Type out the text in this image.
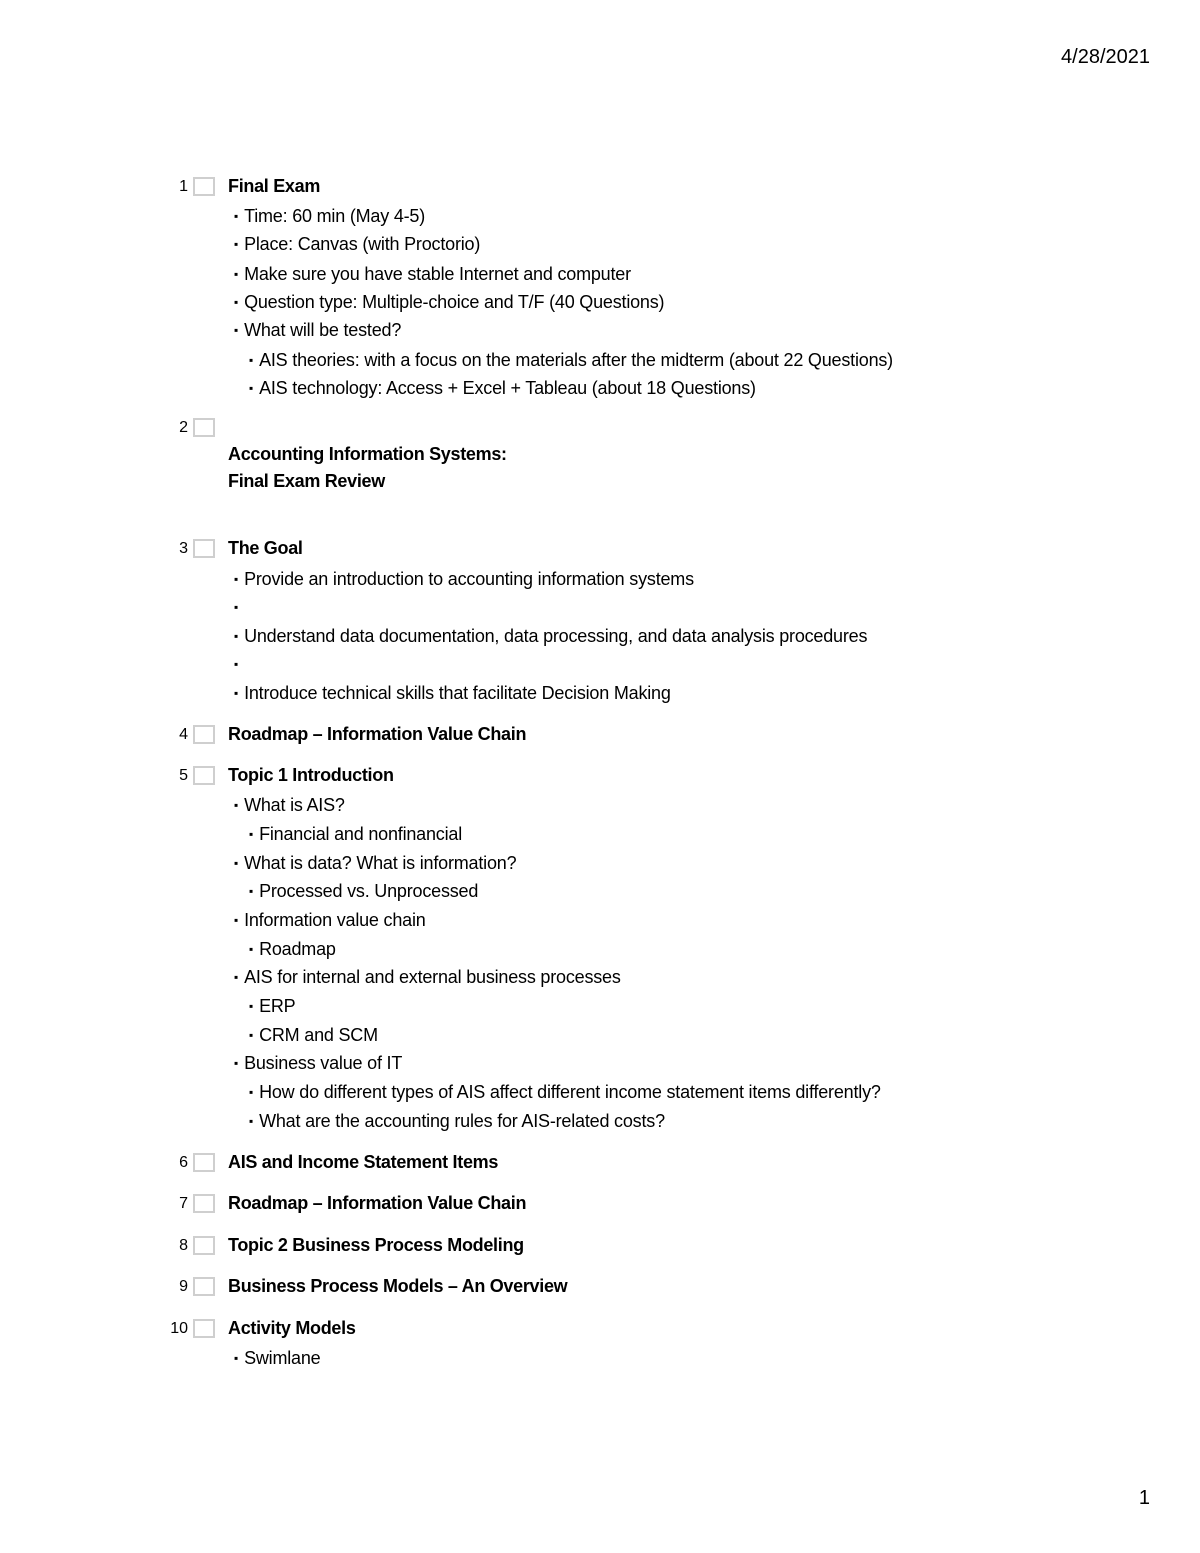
4/28/2021
1 Final Exam
▪ Time: 60 min (May 4-5)
▪ Place: Canvas (with Proctorio)
▪ Make sure you have stable Internet and computer
▪ Question type: Multiple-choice and T/F (40 Questions)
▪ What will be tested?
▪ AIS theories: with a focus on the materials after the midterm (about 22 Questions)
▪ AIS technology: Access + Excel + Tableau (about 18 Questions)
2
Accounting Information Systems:
Final Exam Review
3 The Goal
▪ Provide an introduction to accounting information systems
▪
▪ Understand data documentation, data processing, and data analysis procedures
▪
▪ Introduce technical skills that facilitate Decision Making
4 Roadmap – Information Value Chain
5 Topic 1 Introduction
▪ What is AIS?
▪ Financial and nonfinancial
▪ What is data? What is information?
▪ Processed vs. Unprocessed
▪ Information value chain
▪ Roadmap
▪ AIS for internal and external business processes
▪ ERP
▪ CRM and SCM
▪ Business value of IT
▪ How do different types of AIS affect different income statement items differently?
▪ What are the accounting rules for AIS-related costs?
6 AIS and Income Statement Items
7 Roadmap – Information Value Chain
8 Topic 2 Business Process Modeling
9 Business Process Models – An Overview
10 Activity Models
▪ Swimlane
1
